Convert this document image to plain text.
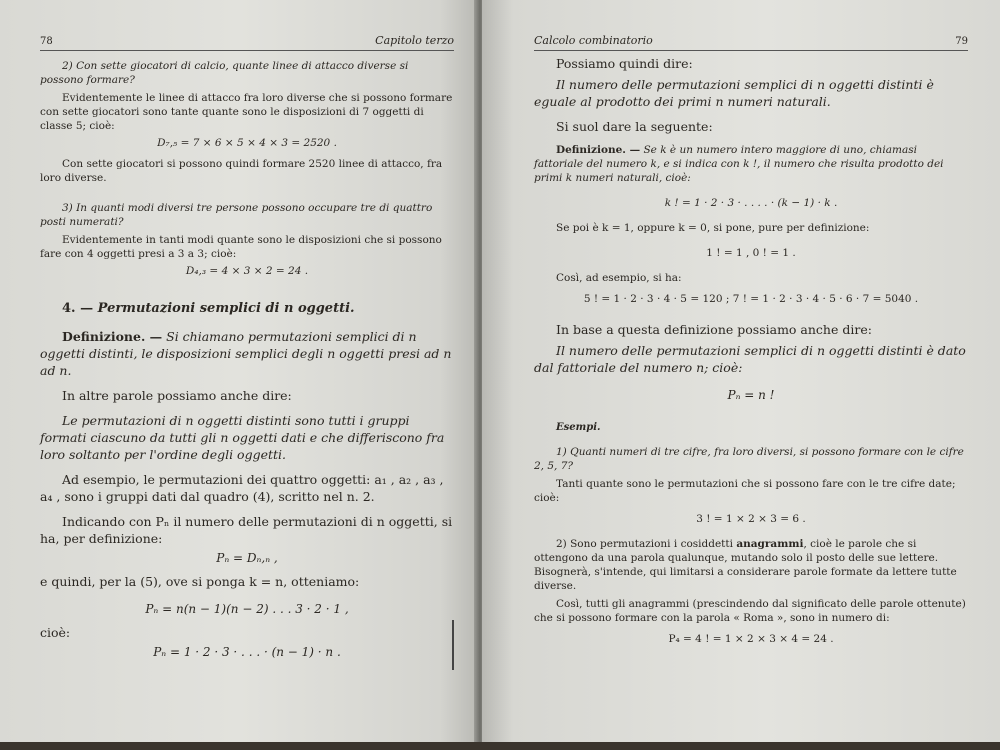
78	Capitolo terzo

2) Con sette giocatori di calcio, quante linee di attacco diverse si possono formare?

Evidentemente le linee di attacco fra loro diverse che si possono formare con sette giocatori sono tante quante sono le disposizioni di 7 oggetti di classe 5; cioè:

D₇,₅ = 7 × 6 × 5 × 4 × 3 = 2520 .

Con sette giocatori si possono quindi formare 2520 linee di attacco, fra loro diverse.

3) In quanti modi diversi tre persone possono occupare tre di quattro posti numerati?

Evidentemente in tanti modi quante sono le disposizioni che si possono fare con 4 oggetti presi a 3 a 3; cioè:

D₄,₃ = 4 × 3 × 2 = 24 .

4. — Permutazioni semplici di n oggetti.

Definizione. — Si chiamano permutazioni semplici di n oggetti distinti, le disposizioni semplici degli n oggetti presi ad n ad n.

In altre parole possiamo anche dire:

Le permutazioni di n oggetti distinti sono tutti i gruppi formati ciascuno da tutti gli n oggetti dati e che differiscono fra loro soltanto per l'ordine degli oggetti.

Ad esempio, le permutazioni dei quattro oggetti: a₁ , a₂ , a₃ , a₄ , sono i gruppi dati dal quadro (4), scritto nel n. 2.

Indicando con Pₙ il numero delle permutazioni di n oggetti, si ha, per definizione:

Pₙ = Dₙ,ₙ ,

e quindi, per la (5), ove si ponga k = n, otteniamo:

Pₙ = n(n − 1)(n − 2) . . . 3 · 2 · 1 ,

cioè:

Pₙ = 1 · 2 · 3 · . . . · (n − 1) · n .

Calcolo combinatorio	79

Possiamo quindi dire:

Il numero delle permutazioni semplici di n oggetti distinti è eguale al prodotto dei primi n numeri naturali.

Si suol dare la seguente:

Definizione. — Se k è un numero intero maggiore di uno, chiamasi fattoriale del numero k, e si indica con k !, il numero che risulta prodotto dei primi k numeri naturali, cioè:

k ! = 1 · 2 · 3 · . . . . · (k − 1) · k .

Se poi è k = 1, oppure k = 0, si pone, pure per definizione:

1 ! = 1 , 0 ! = 1 .

Così, ad esempio, si ha:

5 ! = 1 · 2 · 3 · 4 · 5 = 120 ; 7 ! = 1 · 2 · 3 · 4 · 5 · 6 · 7 = 5040 .

In base a questa definizione possiamo anche dire:

Il numero delle permutazioni semplici di n oggetti distinti è dato dal fattoriale del numero n; cioè:

Pₙ = n !

Esempi.

1) Quanti numeri di tre cifre, fra loro diversi, si possono formare con le cifre 2, 5, 7?

Tanti quante sono le permutazioni che si possono fare con le tre cifre date; cioè:

3 ! = 1 × 2 × 3 = 6 .

2) Sono permutazioni i cosiddetti anagrammi, cioè le parole che si ottengono da una parola qualunque, mutando solo il posto delle sue lettere. Bisognerà, s'intende, qui limitarsi a considerare parole formate da lettere tutte diverse.

Così, tutti gli anagrammi (prescindendo dal significato delle parole ottenute) che si possono formare con la parola « Roma », sono in numero di:

P₄ = 4 ! = 1 × 2 × 3 × 4 = 24 .
